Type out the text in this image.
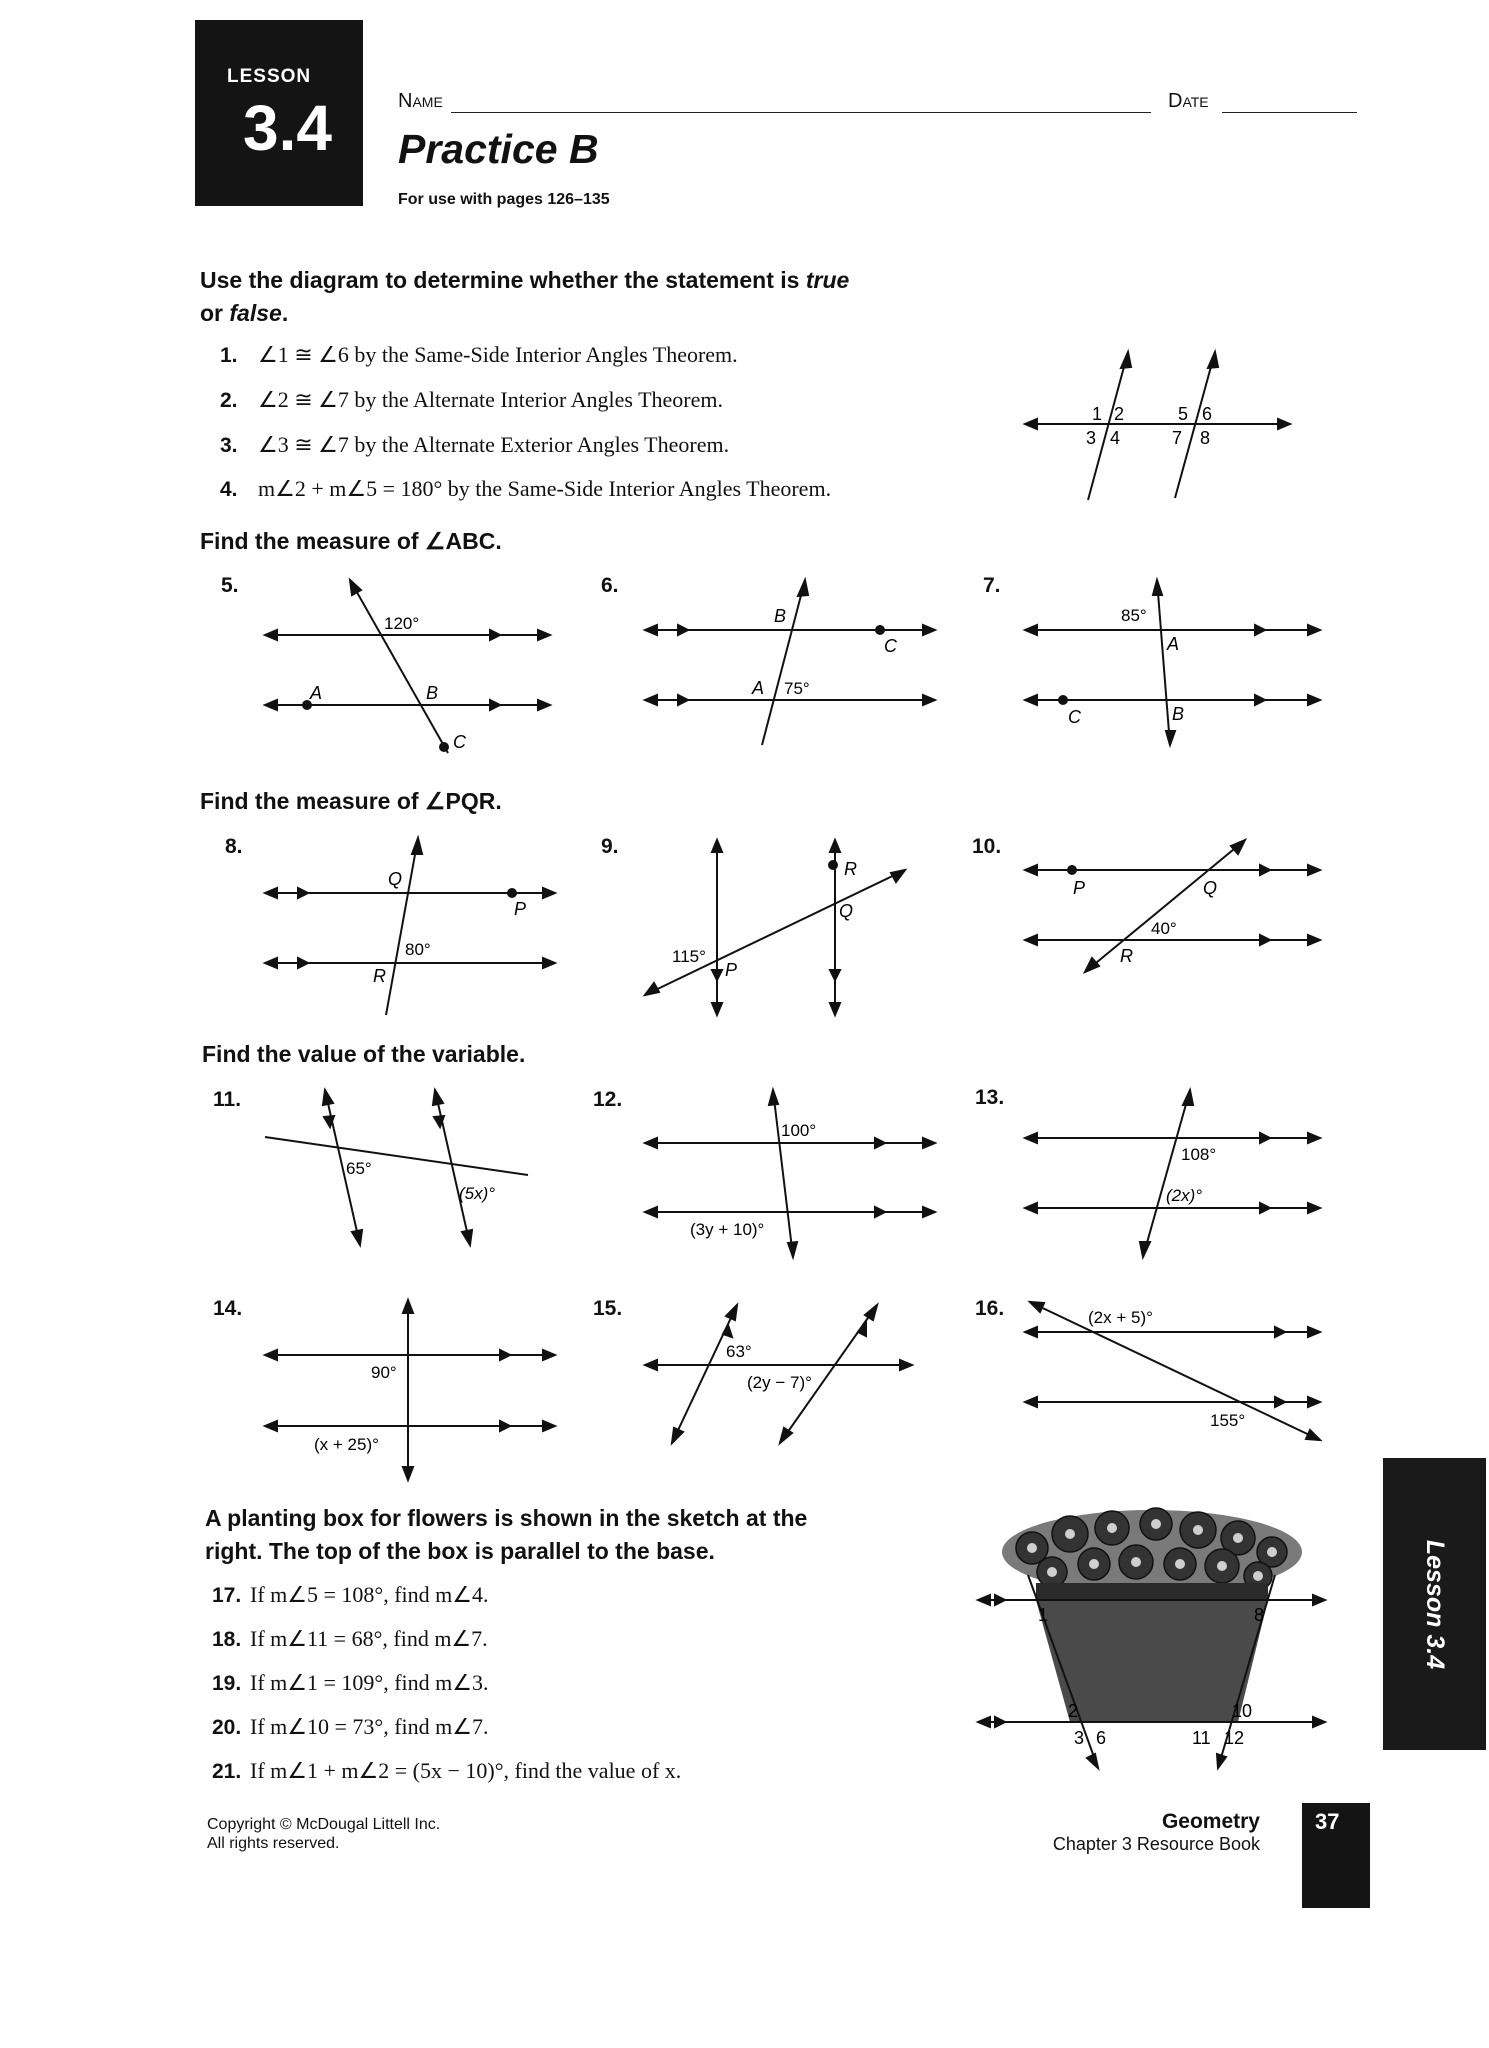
LESSON
3.4	Name	Date
Practice B
For use with pages 126–135
Use the diagram to determine whether the statement is true
or false.
1. ∠1 ≅ ∠6 by the Same-Side Interior Angles Theorem.
2. ∠2 ≅ ∠7 by the Alternate Interior Angles Theorem.
3. ∠3 ≅ ∠7 by the Alternate Exterior Angles Theorem.
4. m∠2 + m∠5 = 180° by the Same-Side Interior Angles Theorem.
1 2
3 4
5 6
7 8
Find the measure of ∠ABC.
5.	6.	7.
120°
A	B
C
B
C
A 75°
85°
A
C	B
Find the measure of ∠PQR.
8.	9.	10.
Q
P
80°
R
R
Q
115°
P
P	Q
40°
R
Find the value of the variable.
11.	12.	13.
14.	15.	16.
65°
(5x)°
100°
(3y + 10)°
108°
(2x)°
90°
(x + 25)°
63°
(2y − 7)°
(2x + 5)°
155°
A planting box for flowers is shown in the sketch at the
right. The top of the box is parallel to the base.
17. If m∠5 = 108°, find m∠4.
18. If m∠11 = 68°, find m∠7.
19. If m∠1 = 109°, find m∠3.
20. If m∠10 = 73°, find m∠7.
21. If m∠1 + m∠2 = (5x − 10)°, find the value of x.
1	8
2	10
3 6	11 12
Lesson 3.4
Copyright © McDougal Littell Inc.
All rights reserved.
Geometry
Chapter 3 Resource Book
37
